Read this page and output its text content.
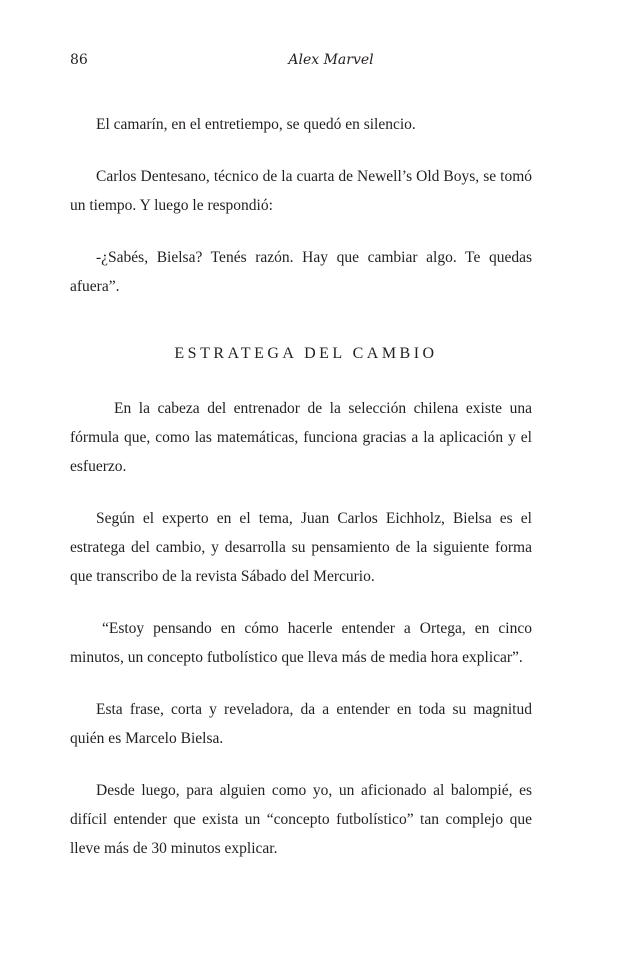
86	Alex Marvel

El camarín, en el entretiempo, se quedó en silencio.

Carlos Dentesano, técnico de la cuarta de Newell’s Old Boys, se tomó un tiempo. Y luego le respondió:

-¿Sabés, Bielsa? Tenés razón. Hay que cambiar algo. Te quedas afuera”.

ESTRATEGA DEL CAMBIO

En la cabeza del entrenador de la selección chilena existe una fórmula que, como las matemáticas, funciona gracias a la aplicación y el esfuerzo.

Según el experto en el tema, Juan Carlos Eichholz, Bielsa es el estratega del cambio, y desarrolla su pensamiento de la siguiente forma que transcribo de la revista Sábado del Mercurio.

“Estoy pensando en cómo hacerle entender a Ortega, en cinco minutos, un concepto futbolístico que lleva más de media hora explicar”.

Esta frase, corta y reveladora, da a entender en toda su magnitud quién es Marcelo Bielsa.

Desde luego, para alguien como yo, un aficionado al balompié, es difícil entender que exista un “concepto futbolístico” tan complejo que lleve más de 30 minutos explicar.
